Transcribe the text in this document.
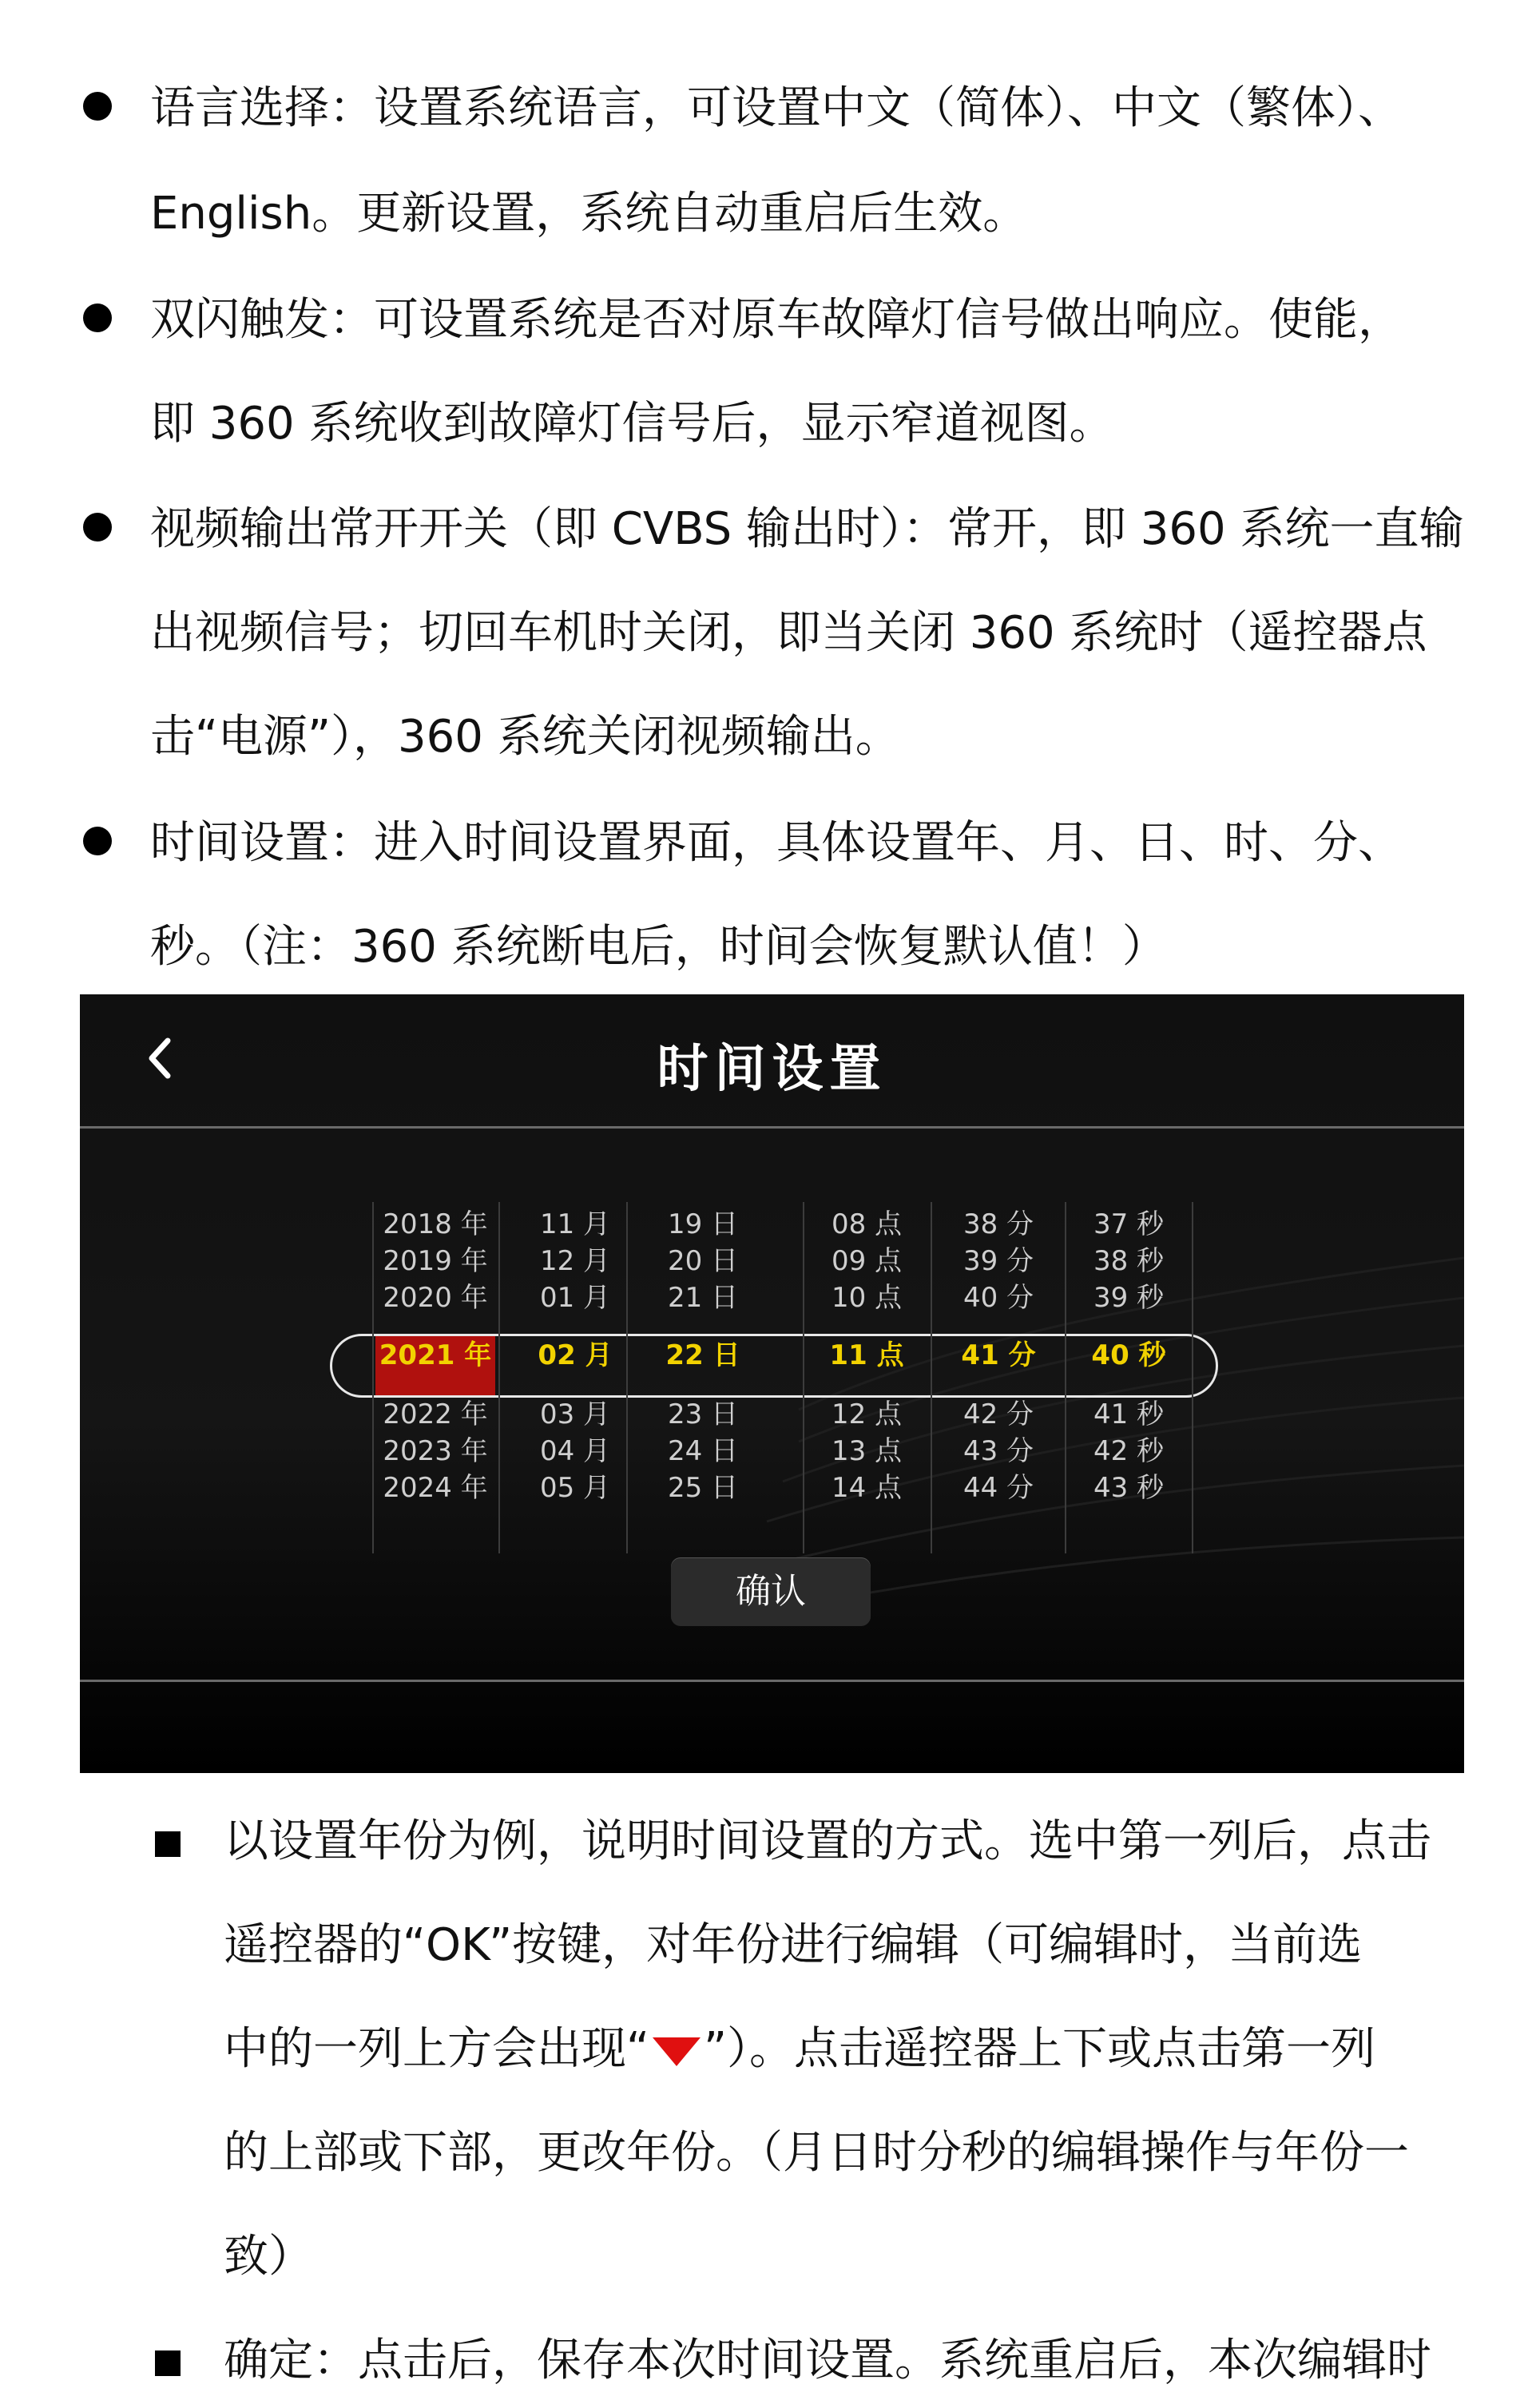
语言选择：设置系统语言，可设置中文（简体）、中文（繁体）、
English。更新设置，系统自动重启后生效。
双闪触发：可设置系统是否对原车故障灯信号做出响应。使能，
即 360 系统收到故障灯信号后，显示窄道视图。
视频输出常开开关（即 CVBS 输出时）：常开，即 360 系统一直输
出视频信号；切回车机时关闭，即当关闭 360 系统时（遥控器点
击“电源”），360 系统关闭视频输出。
时间设置：进入时间设置界面，具体设置年、月、日、时、分、
秒。（注：360 系统断电后，时间会恢复默认值！）
时间设置
2018 年
2019 年
2020 年
2021 年
2022 年
2023 年
2024 年
11 月
12 月
01 月
02 月
03 月
04 月
05 月
19 日
20 日
21 日
22 日
23 日
24 日
25 日
08 点
09 点
10 点
11 点
12 点
13 点
14 点
38 分
39 分
40 分
41 分
42 分
43 分
44 分
37 秒
38 秒
39 秒
40 秒
41 秒
42 秒
43 秒
确认
以设置年份为例，说明时间设置的方式。选中第一列后，点击
遥控器的“OK”按键，对年份进行编辑（可编辑时，当前选
中的一列上方会出现“ ”）。点击遥控器上下或点击第一列
的上部或下部，更改年份。（月日时分秒的编辑操作与年份一
致）
确定：点击后，保存本次时间设置。系统重启后，本次编辑时
